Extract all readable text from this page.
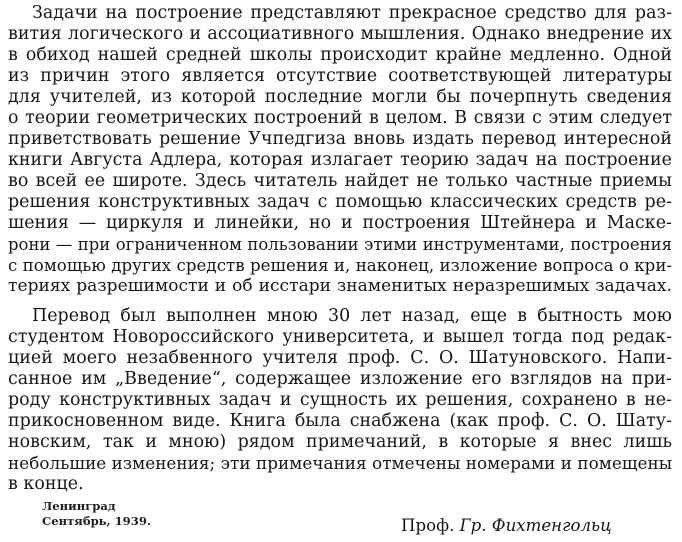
Задачи на построение представляют прекрасное средство для раз-
вития логического и ассоциативного мышления. Однако внедрение их
в обиход нашей средней школы происходит крайне медленно. Одной
из причин этого является отсутствие соответствующей литературы
для учителей, из которой последние могли бы почерпнуть сведения
о теории геометрических построений в целом. В связи с этим следует
приветствовать решение Учпедгиза вновь издать перевод интересной
книги Августа Адлера, которая излагает теорию задач на построение
во всей ее широте. Здесь читатель найдет не только частные приемы
решения конструктивных задач с помощью классических средств ре-
шения — циркуля и линейки, но и построения Штейнера и Маске-
рони — при ограниченном пользовании этими инструментами, построения
с помощью других средств решения и, наконец, изложение вопроса о кри-
териях разрешимости и об исстари знаменитых неразрешимых задачах.
Перевод был выполнен мною 30 лет назад, еще в бытность мою
студентом Новороссийского университета, и вышел тогда под редак-
цией моего незабвенного учителя проф. С. О. Шатуновского. Напи-
санное им „Введение“, содержащее изложение его взглядов на при-
роду конструктивных задач и сущность их решения, сохранено в не-
прикосновенном виде. Книга была снабжена (как проф. С. О. Шату-
новским, так и мною) рядом примечаний, в которые я внес лишь
небольшие изменения; эти примечания отмечены номерами и помещены
в конце.
Ленинград
Сентябрь, 1939.	Проф. Гр. Фихтенгольц
